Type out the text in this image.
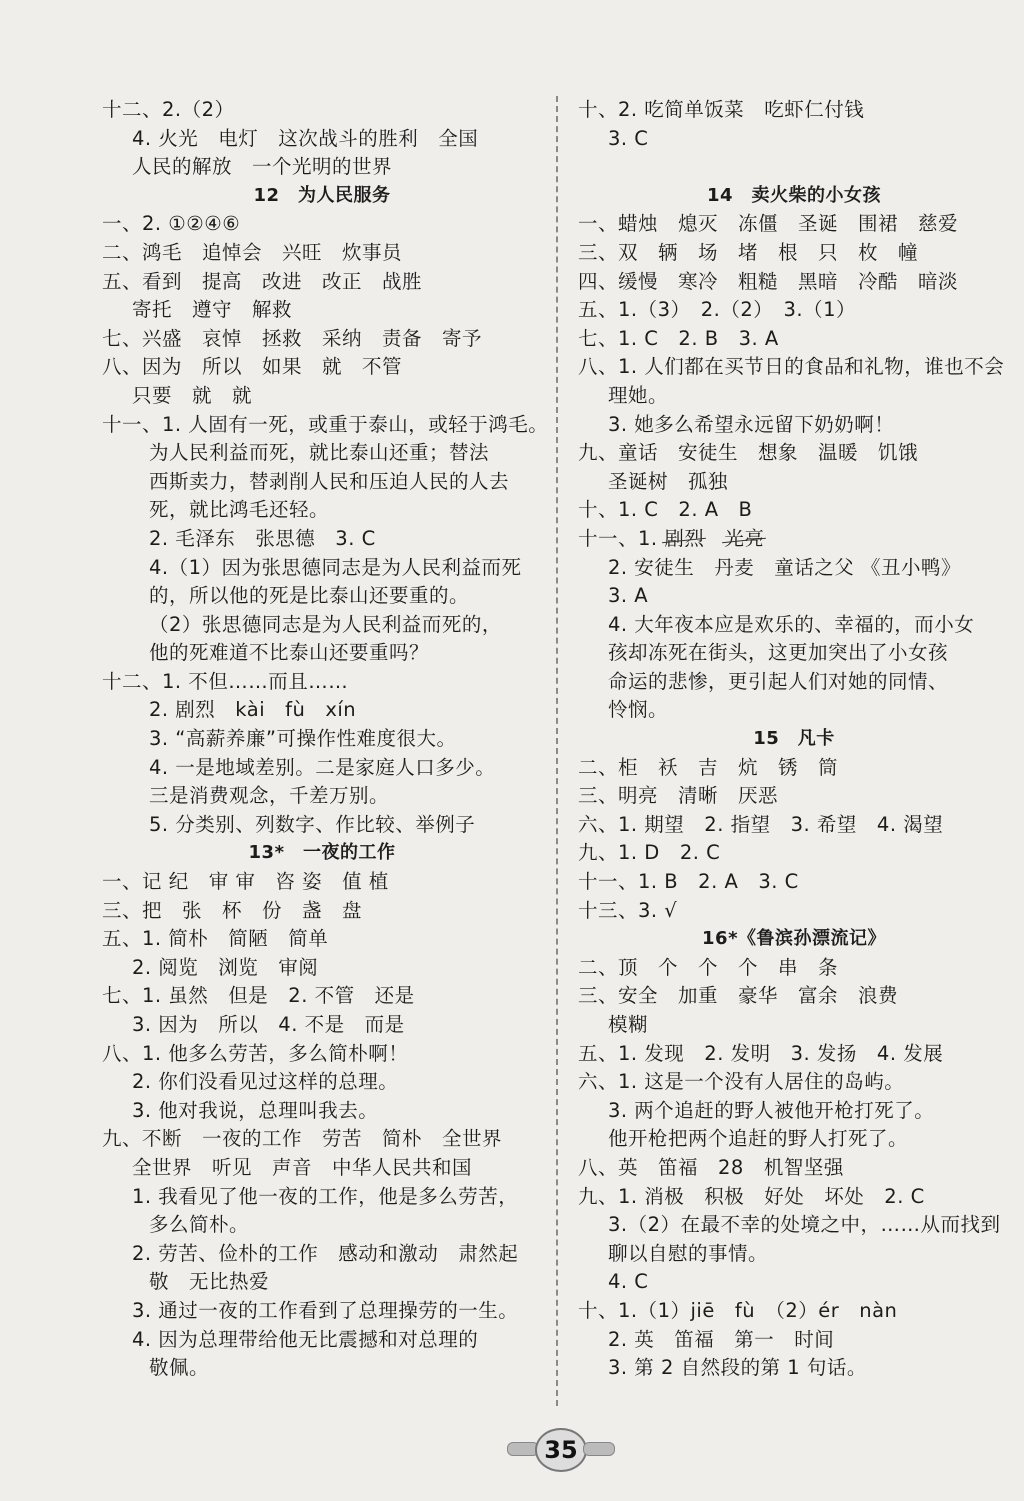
十二、2.（2）
4. 火光　电灯　这次战斗的胜利　全国
人民的解放　一个光明的世界
12　为人民服务
一、2. ①②④⑥
二、鸿毛　追悼会　兴旺　炊事员
五、看到　提高　改进　改正　战胜
寄托　遵守　解救
七、兴盛　哀悼　拯救　采纳　责备　寄予
八、因为　所以　如果　就　不管
只要　就　就
十一、1. 人固有一死，或重于泰山，或轻于鸿毛。
为人民利益而死，就比泰山还重；替法
西斯卖力，替剥削人民和压迫人民的人去
死，就比鸿毛还轻。
2. 毛泽东　张思德　3. C
4.（1）因为张思德同志是为人民利益而死
的，所以他的死是比泰山还要重的。
（2）张思德同志是为人民利益而死的，
他的死难道不比泰山还要重吗？
十二、1. 不但……而且……
2. 剧烈　kài　fù　xín
3. “高薪养廉”可操作性难度很大。
4. 一是地域差别。二是家庭人口多少。
三是消费观念，千差万别。
5. 分类别、列数字、作比较、举例子
13*　一夜的工作
一、记 纪　审 审　咨 姿　值 植
三、把　张　杯　份　盏　盘
五、1. 简朴　简陋　简单
2. 阅览　浏览　审阅
七、1. 虽然　但是　2. 不管　还是
3. 因为　所以　4. 不是　而是
八、1. 他多么劳苦，多么简朴啊！
2. 你们没看见过这样的总理。
3. 他对我说，总理叫我去。
九、不断　一夜的工作　劳苦　简朴　全世界
全世界　听见　声音　中华人民共和国
1. 我看见了他一夜的工作，他是多么劳苦，
多么简朴。
2. 劳苦、俭朴的工作　感动和激动　肃然起
敬　无比热爱
3. 通过一夜的工作看到了总理操劳的一生。
4. 因为总理带给他无比震撼和对总理的
敬佩。
十、2. 吃简单饭菜　吃虾仁付钱
3. C
14　卖火柴的小女孩
一、蜡烛　熄灭　冻僵　圣诞　围裙　慈爱
三、双　辆　场　堵　根　只　枚　幢
四、缓慢　寒冷　粗糙　黑暗　冷酷　暗淡
五、1.（3）　2.（2）　3.（1）
七、1. C　2. B　3. A
八、1. 人们都在买节日的食品和礼物，谁也不会
理她。
3. 她多么希望永远留下奶奶啊！
九、童话　安徒生　想象　温暖　饥饿
圣诞树　孤独
十、1. C　2. A　B
十一、1. 剧烈　 光亮
2. 安徒生　丹麦　童话之父 《丑小鸭》
3. A
4. 大年夜本应是欢乐的、幸福的，而小女
孩却冻死在街头，这更加突出了小女孩
命运的悲惨，更引起人们对她的同情、
怜悯。
15　凡卡
二、柜　袄　吉　炕　锈　筒
三、明亮　清晰　厌恶
六、1. 期望　2. 指望　3. 希望　4. 渴望
九、1. D　2. C
十一、1. B　2. A　3. C
十三、3. √
16*《鲁滨孙漂流记》
二、顶　个　个　个　串　条
三、安全　加重　豪华　富余　浪费
模糊
五、1. 发现　2. 发明　3. 发扬　4. 发展
六、1. 这是一个没有人居住的岛屿。
3. 两个追赶的野人被他开枪打死了。
他开枪把两个追赶的野人打死了。
八、英　笛福　28　机智坚强
九、1. 消极　积极　好处　坏处　2. C
3.（2）在最不幸的处境之中，……从而找到
聊以自慰的事情。
4. C
十、1.（1）jiē　fù　（2）ér　nàn
2. 英　笛福　第一　时间
3. 第 2 自然段的第 1 句话。
35
